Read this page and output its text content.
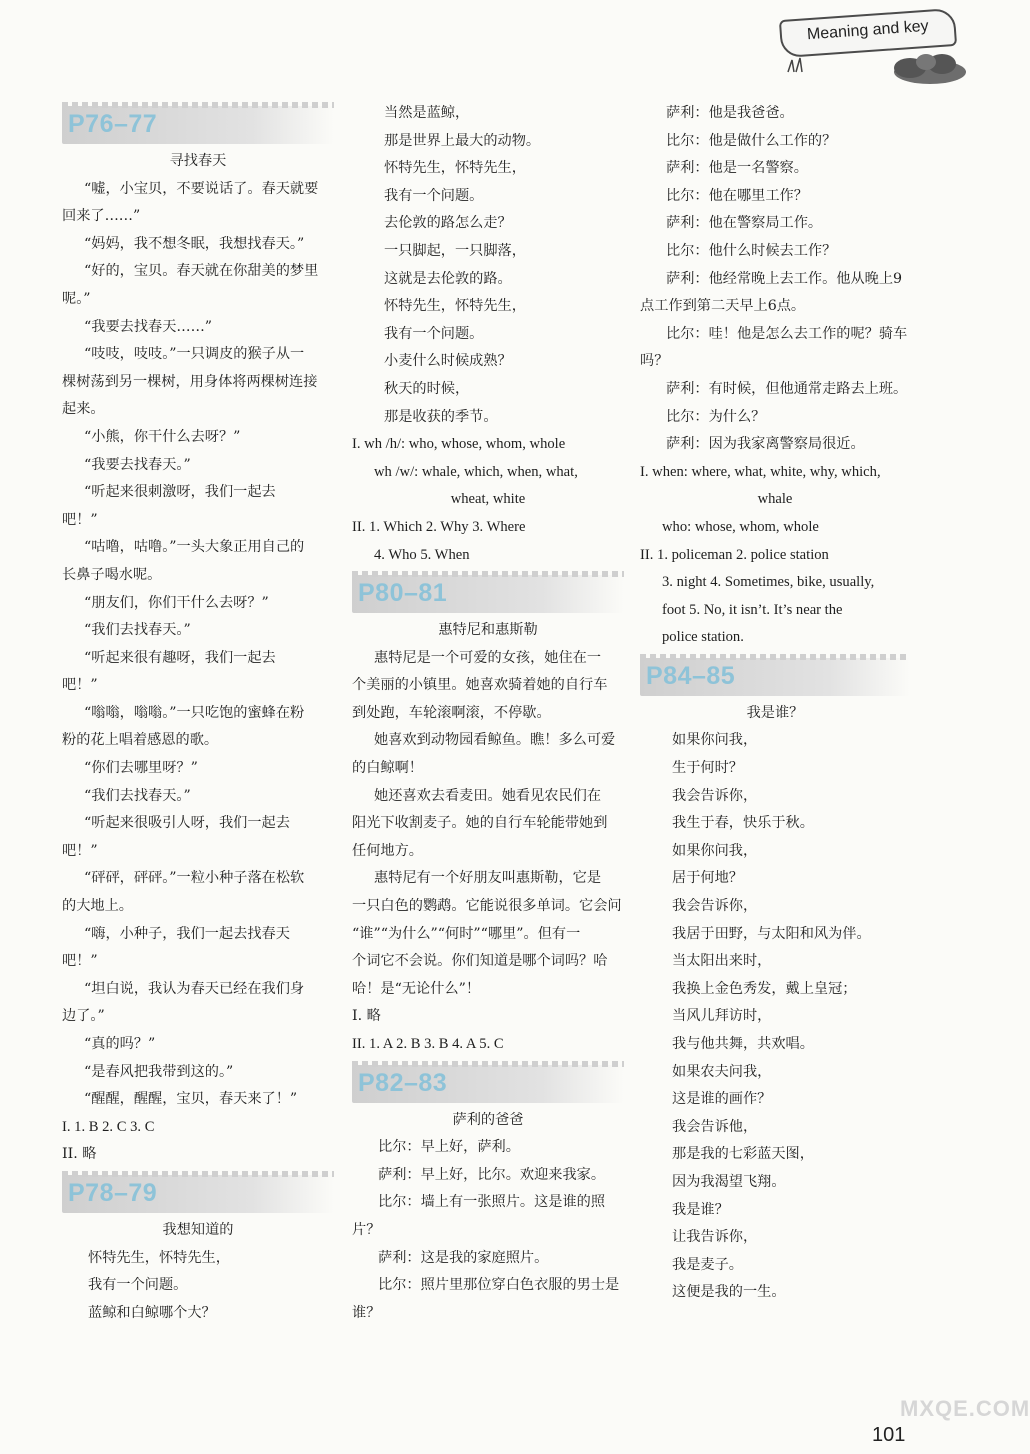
Meaning and key
P76–77
寻找春天
“嘘，小宝贝，不要说话了。春天就要
回来了……”
“妈妈，我不想冬眠，我想找春天。”
“好的，宝贝。春天就在你甜美的梦里
呢。”
“我要去找春天……”
“吱吱，吱吱。”一只调皮的猴子从一
棵树荡到另一棵树，用身体将两棵树连接
起来。
“小熊，你干什么去呀？”
“我要去找春天。”
“听起来很刺激呀，我们一起去
吧！”
“咕噜，咕噜。”一头大象正用自己的
长鼻子喝水呢。
“朋友们，你们干什么去呀？”
“我们去找春天。”
“听起来很有趣呀，我们一起去
吧！”
“嗡嗡，嗡嗡。”一只吃饱的蜜蜂在粉
粉的花上唱着感恩的歌。
“你们去哪里呀？”
“我们去找春天。”
“听起来很吸引人呀，我们一起去
吧！”
“砰砰，砰砰。”一粒小种子落在松软
的大地上。
“嗨，小种子，我们一起去找春天
吧！”
“坦白说，我认为春天已经在我们身
边了。”
“真的吗？”
“是春风把我带到这的。”
“醒醒，醒醒，宝贝，春天来了！”
I. 1. B 2. C 3. C
II. 略
P78–79
我想知道的
怀特先生，怀特先生，
我有一个问题。
蓝鲸和白鲸哪个大？
当然是蓝鲸，
那是世界上最大的动物。
怀特先生，怀特先生，
我有一个问题。
去伦敦的路怎么走？
一只脚起，一只脚落，
这就是去伦敦的路。
怀特先生，怀特先生，
我有一个问题。
小麦什么时候成熟？
秋天的时候，
那是收获的季节。
I. wh /h/: who, whose, whom, whole
wh /w/: whale, which, when, what,
wheat, white
II. 1. Which 2. Why 3. Where
4. Who 5. When
P80–81
惠特尼和惠斯勒
惠特尼是一个可爱的女孩，她住在一
个美丽的小镇里。她喜欢骑着她的自行车
到处跑，车轮滚啊滚，不停歇。
她喜欢到动物园看鲸鱼。瞧！多么可爱
的白鲸啊！
她还喜欢去看麦田。她看见农民们在
阳光下收割麦子。她的自行车轮能带她到
任何地方。
惠特尼有一个好朋友叫惠斯勒，它是
一只白色的鹦鹉。它能说很多单词。它会问
“谁”“为什么”“何时”“哪里”。但有一
个词它不会说。你们知道是哪个词吗？哈
哈！是“无论什么”！
I. 略
II. 1. A 2. B 3. B 4. A 5. C
P82–83
萨利的爸爸
比尔：早上好，萨利。
萨利：早上好，比尔。欢迎来我家。
比尔：墙上有一张照片。这是谁的照
片？
萨利：这是我的家庭照片。
比尔：照片里那位穿白色衣服的男士是
谁？
萨利：他是我爸爸。
比尔：他是做什么工作的？
萨利：他是一名警察。
比尔：他在哪里工作？
萨利：他在警察局工作。
比尔：他什么时候去工作？
萨利：他经常晚上去工作。他从晚上9
点工作到第二天早上6点。
比尔：哇！他是怎么去工作的呢？骑车
吗？
萨利：有时候，但他通常走路去上班。
比尔：为什么？
萨利：因为我家离警察局很近。
I. when: where, what, white, why, which,
whale
who: whose, whom, whole
II. 1. policeman 2. police station
3. night 4. Sometimes, bike, usually,
foot 5. No, it isn’t. It’s near the
police station.
P84–85
我是谁？
如果你问我，
生于何时？
我会告诉你，
我生于春，快乐于秋。
如果你问我，
居于何地？
我会告诉你，
我居于田野，与太阳和风为伴。
当太阳出来时，
我换上金色秀发，戴上皇冠；
当风儿拜访时，
我与他共舞，共欢唱。
如果农夫问我，
这是谁的画作？
我会告诉他，
那是我的七彩蓝天图，
因为我渴望飞翔。
我是谁？
让我告诉你，
我是麦子。
这便是我的一生。
MXQE.COM
101
